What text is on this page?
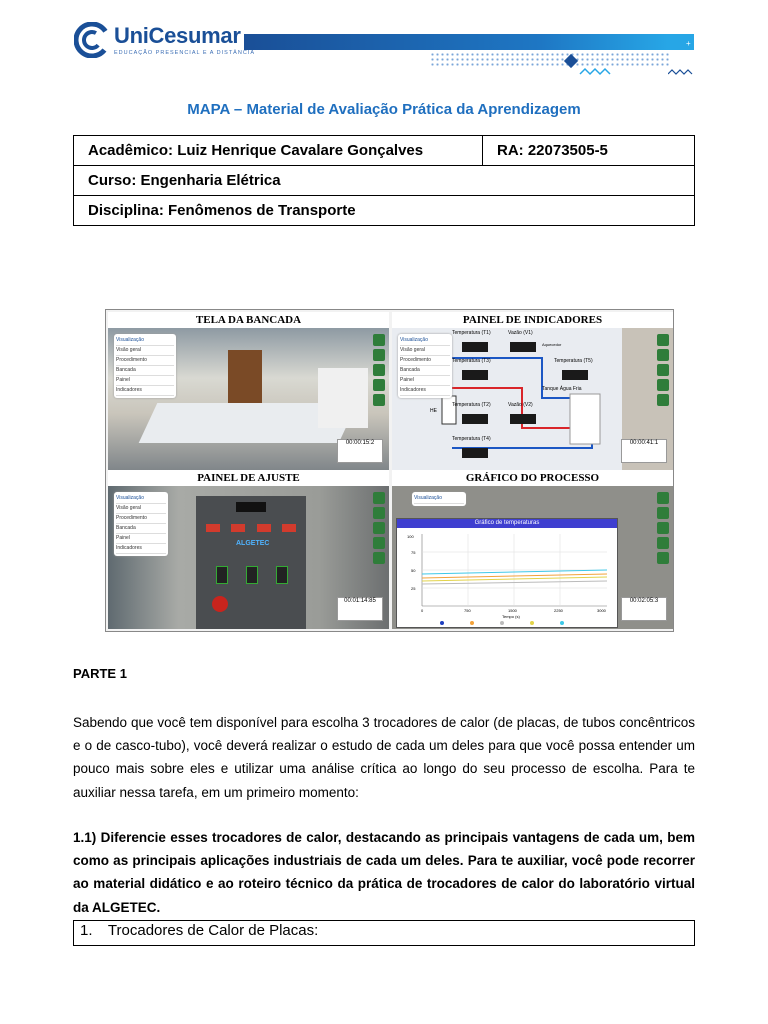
UniCesumar
EDUCAÇÃO PRESENCIAL E A DISTÂNCIA
+
MAPA – Material de Avaliação Prática da Aprendizagem
Acadêmico: Luiz Henrique Cavalare Gonçalves	RA: 22073505-5
Curso: Engenharia Elétrica
Disciplina: Fenômenos de Transporte
TELA DA BANCADA
Visualização
Visão geral
Procedimento
Bancada
Painel
Indicadores
00:00:15:2
PAINEL DE INDICADORES
Temperatura (T1)	Vazão (V1)
Temperatura (T3)	Temperatura (T5)
Temperatura (T2)	Vazão (V2)
Temperatura (T4)
Tanque Água Fria
Aquecedor
HE
Visualização
Visão geral
Procedimento
Bancada
Painel
Indicadores
00:00:41:1
PAINEL DE AJUSTE
ALGETEC
Visualização
Visão geral
Procedimento
Bancada
Painel
Indicadores
00:01:14:85
GRÁFICO DO PROCESSO
Gráfico de temperaturas
100
75
50
25
0	750	1500	2250	3000
Tempo (s)
Visualização
00:02:05:3
PARTE 1
Sabendo que você tem disponível para escolha 3 trocadores de calor (de placas, de tubos concêntricos e o de casco-tubo), você deverá realizar o estudo de cada um deles para que você possa entender um pouco mais sobre eles e utilizar uma análise crítica ao longo do seu processo de escolha. Para te auxiliar nessa tarefa, em um primeiro momento:
1.1) Diferencie esses trocadores de calor, destacando as principais vantagens de cada um, bem como as principais aplicações industriais de cada um deles. Para te auxiliar, você pode recorrer ao material didático e ao roteiro técnico da prática de trocadores de calor do laboratório virtual da ALGETEC.
1. Trocadores de Calor de Placas:
